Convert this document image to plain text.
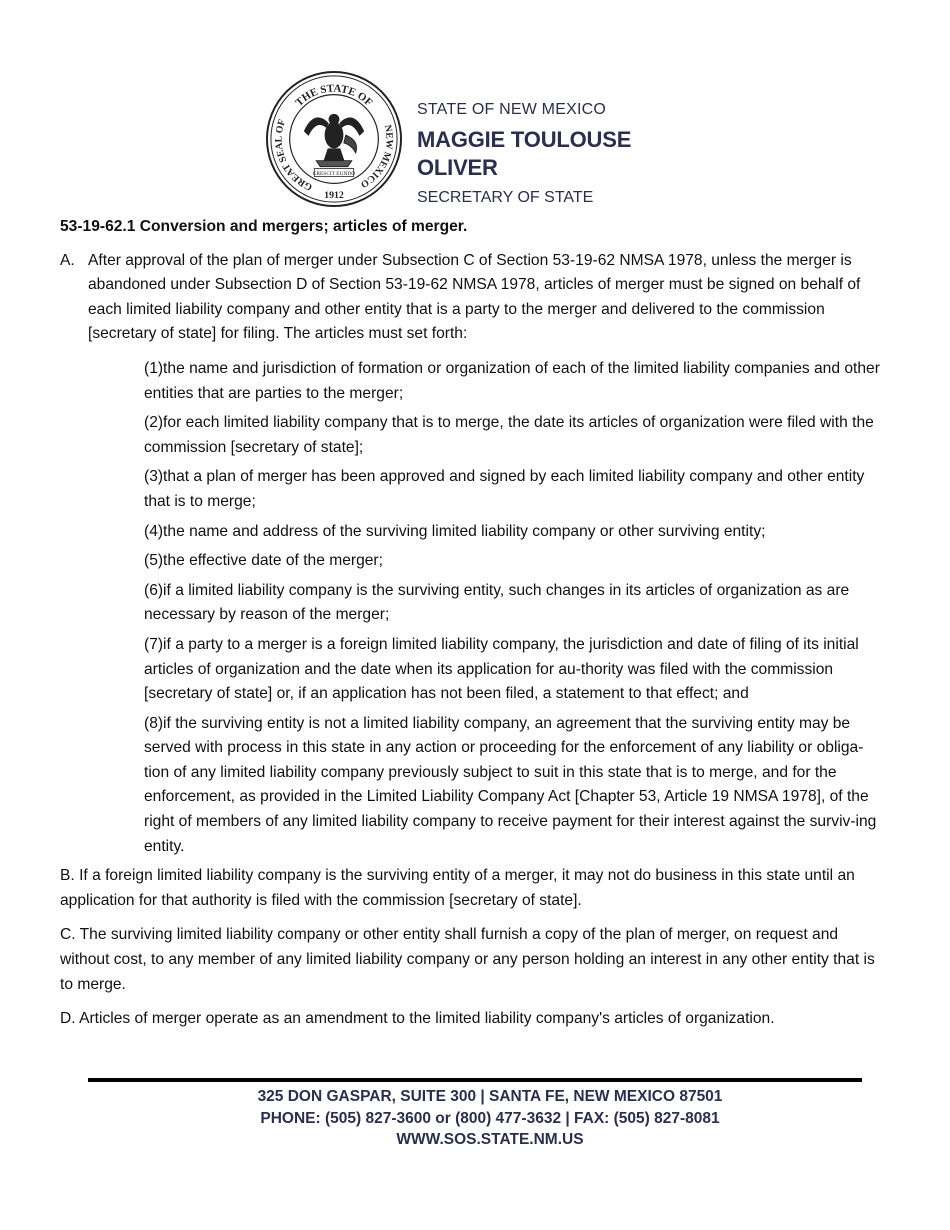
THE STATE OF
GREAT SEAL OF
NEW MEXICO
1912
CRESCIT EUNDO

STATE OF NEW MEXICO

MAGGIE TOULOUSE OLIVER

SECRETARY OF STATE

53-19-62.1 Conversion and mergers; articles of merger.

A. After approval of the plan of merger under Subsection C of Section 53-19-62 NMSA 1978, unless the merger is abandoned under Subsection D of Section 53-19-62 NMSA 1978, articles of merger must be signed on behalf of each limited liability company and other entity that is a party to the merger and delivered to the commission [secretary of state] for filing. The articles must set forth:

(1)the name and jurisdiction of formation or organization of each of the limited liability companies and other entities that are parties to the merger;

(2)for each limited liability company that is to merge, the date its articles of organization were filed with the commission [secretary of state];

(3)that a plan of merger has been approved and signed by each limited liability company and other entity that is to merge;

(4)the name and address of the surviving limited liability company or other surviving entity;

(5)the effective date of the merger;

(6)if a limited liability company is the surviving entity, such changes in its articles of organization as are necessary by reason of the merger;

(7)if a party to a merger is a foreign limited liability company, the jurisdiction and date of filing of its initial articles of organization and the date when its application for au-thority was filed with the commission [secretary of state] or, if an application has not been filed, a statement to that effect; and

(8)if the surviving entity is not a limited liability company, an agreement that the surviving entity may be served with process in this state in any action or proceeding for the enforcement of any liability or obliga-tion of any limited liability company previously subject to suit in this state that is to merge, and for the enforcement, as provided in the Limited Liability Company Act [Chapter 53, Article 19 NMSA 1978], of the right of members of any limited liability company to receive payment for their interest against the surviv-ing entity.

B. If a foreign limited liability company is the surviving entity of a merger, it may not do business in this state until an application for that authority is filed with the commission [secretary of state].

C. The surviving limited liability company or other entity shall furnish a copy of the plan of merger, on request and without cost, to any member of any limited liability company or any person holding an interest in any other entity that is to merge.

D. Articles of merger operate as an amendment to the limited liability company's articles of organization.

325 DON GASPAR, SUITE 300 | SANTA FE, NEW MEXICO 87501
PHONE: (505) 827-3600 or (800) 477-3632 | FAX: (505) 827-8081
WWW.SOS.STATE.NM.US
